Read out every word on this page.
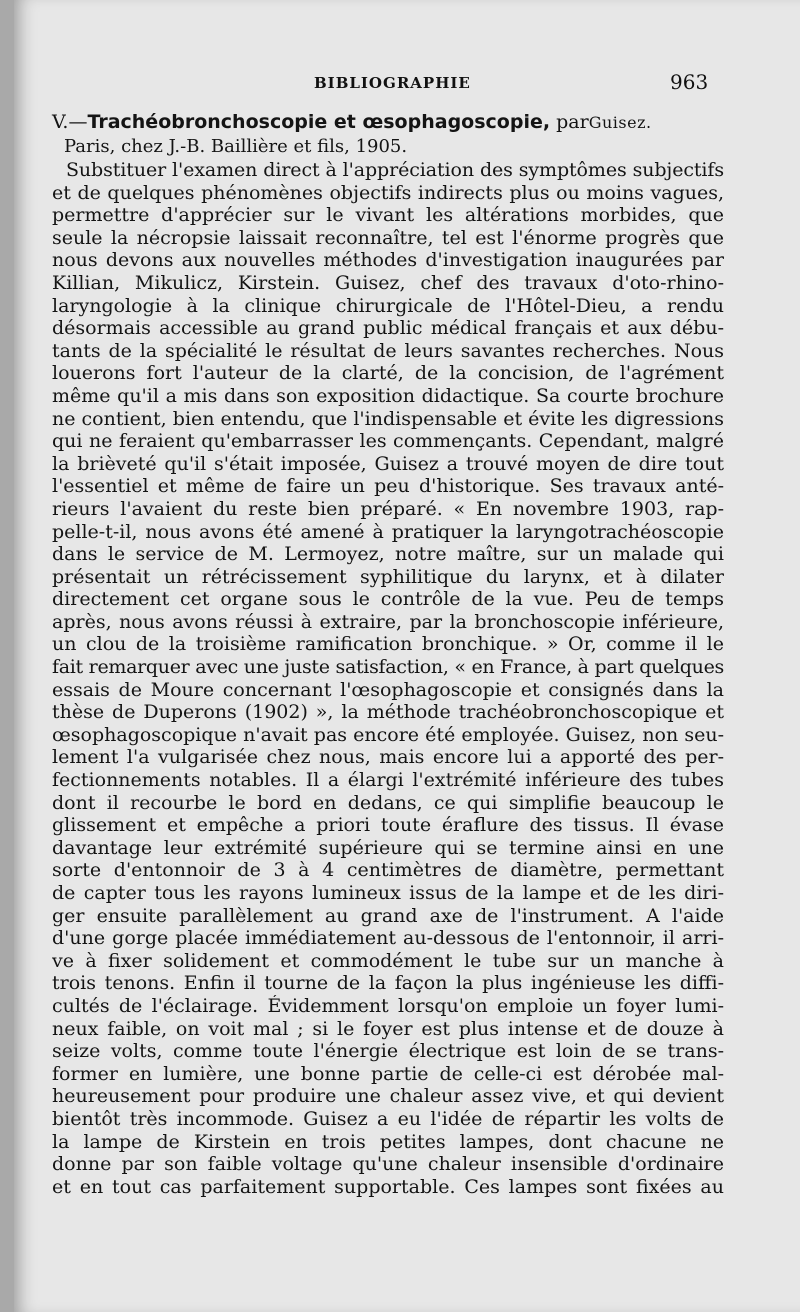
BIBLIOGRAPHIE	963
V.—Trachéobronchoscopie et œsophagoscopie, parGuisez.
Paris, chez J.-B. Baillière et fils, 1905.
Substituer l'examen direct à l'appréciation des symptômes subjectifs
et de quelques phénomènes objectifs indirects plus ou moins vagues,
permettre d'apprécier sur le vivant les altérations morbides, que
seule la nécropsie laissait reconnaître, tel est l'énorme progrès que
nous devons aux nouvelles méthodes d'investigation inaugurées par
Killian, Mikulicz, Kirstein. Guisez, chef des travaux d'oto-rhino-
laryngologie à la clinique chirurgicale de l'Hôtel-Dieu, a rendu
désormais accessible au grand public médical français et aux débu-
tants de la spécialité le résultat de leurs savantes recherches. Nous
louerons fort l'auteur de la clarté, de la concision, de l'agrément
même qu'il a mis dans son exposition didactique. Sa courte brochure
ne contient, bien entendu, que l'indispensable et évite les digressions
qui ne feraient qu'embarrasser les commençants. Cependant, malgré
la brièveté qu'il s'était imposée, Guisez a trouvé moyen de dire tout
l'essentiel et même de faire un peu d'historique. Ses travaux anté-
rieurs l'avaient du reste bien préparé. « En novembre 1903, rap-
pelle-t-il, nous avons été amené à pratiquer la laryngotrachéoscopie
dans le service de M. Lermoyez, notre maître, sur un malade qui
présentait un rétrécissement syphilitique du larynx, et à dilater
directement cet organe sous le contrôle de la vue. Peu de temps
après, nous avons réussi à extraire, par la bronchoscopie inférieure,
un clou de la troisième ramification bronchique. » Or, comme il le
fait remarquer avec une juste satisfaction, « en France, à part quelques
essais de Moure concernant l'œsophagoscopie et consignés dans la
thèse de Duperons (1902) », la méthode trachéobronchoscopique et
œsophagoscopique n'avait pas encore été employée. Guisez, non seu-
lement l'a vulgarisée chez nous, mais encore lui a apporté des per-
fectionnements notables. Il a élargi l'extrémité inférieure des tubes
dont il recourbe le bord en dedans, ce qui simplifie beaucoup le
glissement et empêche a priori toute éraflure des tissus. Il évase
davantage leur extrémité supérieure qui se termine ainsi en une
sorte d'entonnoir de 3 à 4 centimètres de diamètre, permettant
de capter tous les rayons lumineux issus de la lampe et de les diri-
ger ensuite parallèlement au grand axe de l'instrument. A l'aide
d'une gorge placée immédiatement au-dessous de l'entonnoir, il arri-
ve à fixer solidement et commodément le tube sur un manche à
trois tenons. Enfin il tourne de la façon la plus ingénieuse les diffi-
cultés de l'éclairage. Évidemment lorsqu'on emploie un foyer lumi-
neux faible, on voit mal ; si le foyer est plus intense et de douze à
seize volts, comme toute l'énergie électrique est loin de se trans-
former en lumière, une bonne partie de celle-ci est dérobée mal-
heureusement pour produire une chaleur assez vive, et qui devient
bientôt très incommode. Guisez a eu l'idée de répartir les volts de
la lampe de Kirstein en trois petites lampes, dont chacune ne
donne par son faible voltage qu'une chaleur insensible d'ordinaire
et en tout cas parfaitement supportable. Ces lampes sont fixées au
